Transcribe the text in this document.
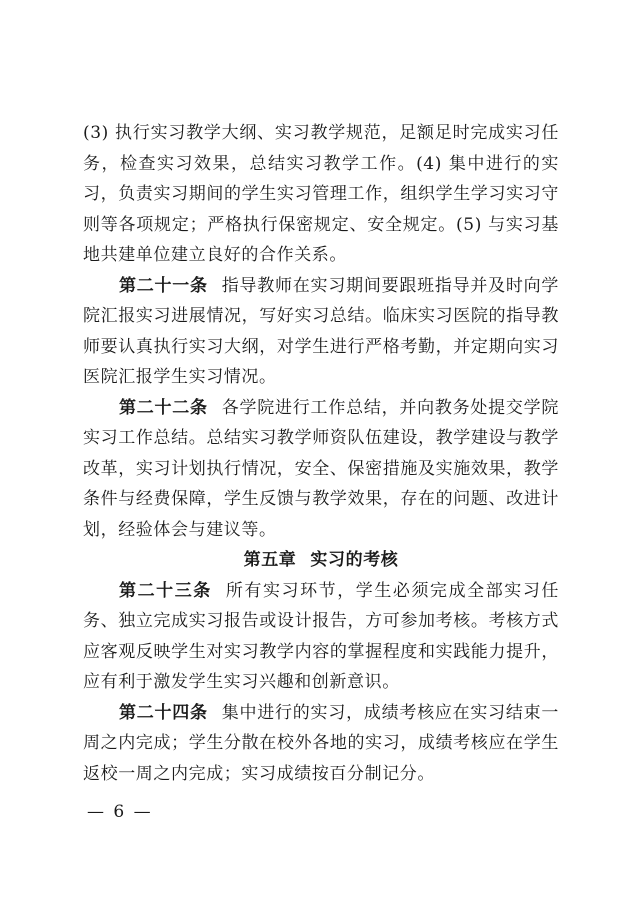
(3) 执行实习教学大纲、实习教学规范，足额足时完成实习任务，检查实习效果，总结实习教学工作。(4) 集中进行的实习，负责实习期间的学生实习管理工作，组织学生学习实习守则等各项规定；严格执行保密规定、安全规定。(5) 与实习基地共建单位建立良好的合作关系。

第二十一条 指导教师在实习期间要跟班指导并及时向学院汇报实习进展情况，写好实习总结。临床实习医院的指导教师要认真执行实习大纲，对学生进行严格考勤，并定期向实习医院汇报学生实习情况。

第二十二条 各学院进行工作总结，并向教务处提交学院实习工作总结。总结实习教学师资队伍建设，教学建设与教学改革，实习计划执行情况，安全、保密措施及实施效果，教学条件与经费保障，学生反馈与教学效果，存在的问题、改进计划，经验体会与建议等。

第五章 实习的考核

第二十三条 所有实习环节，学生必须完成全部实习任务、独立完成实习报告或设计报告，方可参加考核。考核方式应客观反映学生对实习教学内容的掌握程度和实践能力提升，应有利于激发学生实习兴趣和创新意识。

第二十四条 集中进行的实习，成绩考核应在实习结束一周之内完成；学生分散在校外各地的实习，成绩考核应在学生返校一周之内完成；实习成绩按百分制记分。

— 6 —
